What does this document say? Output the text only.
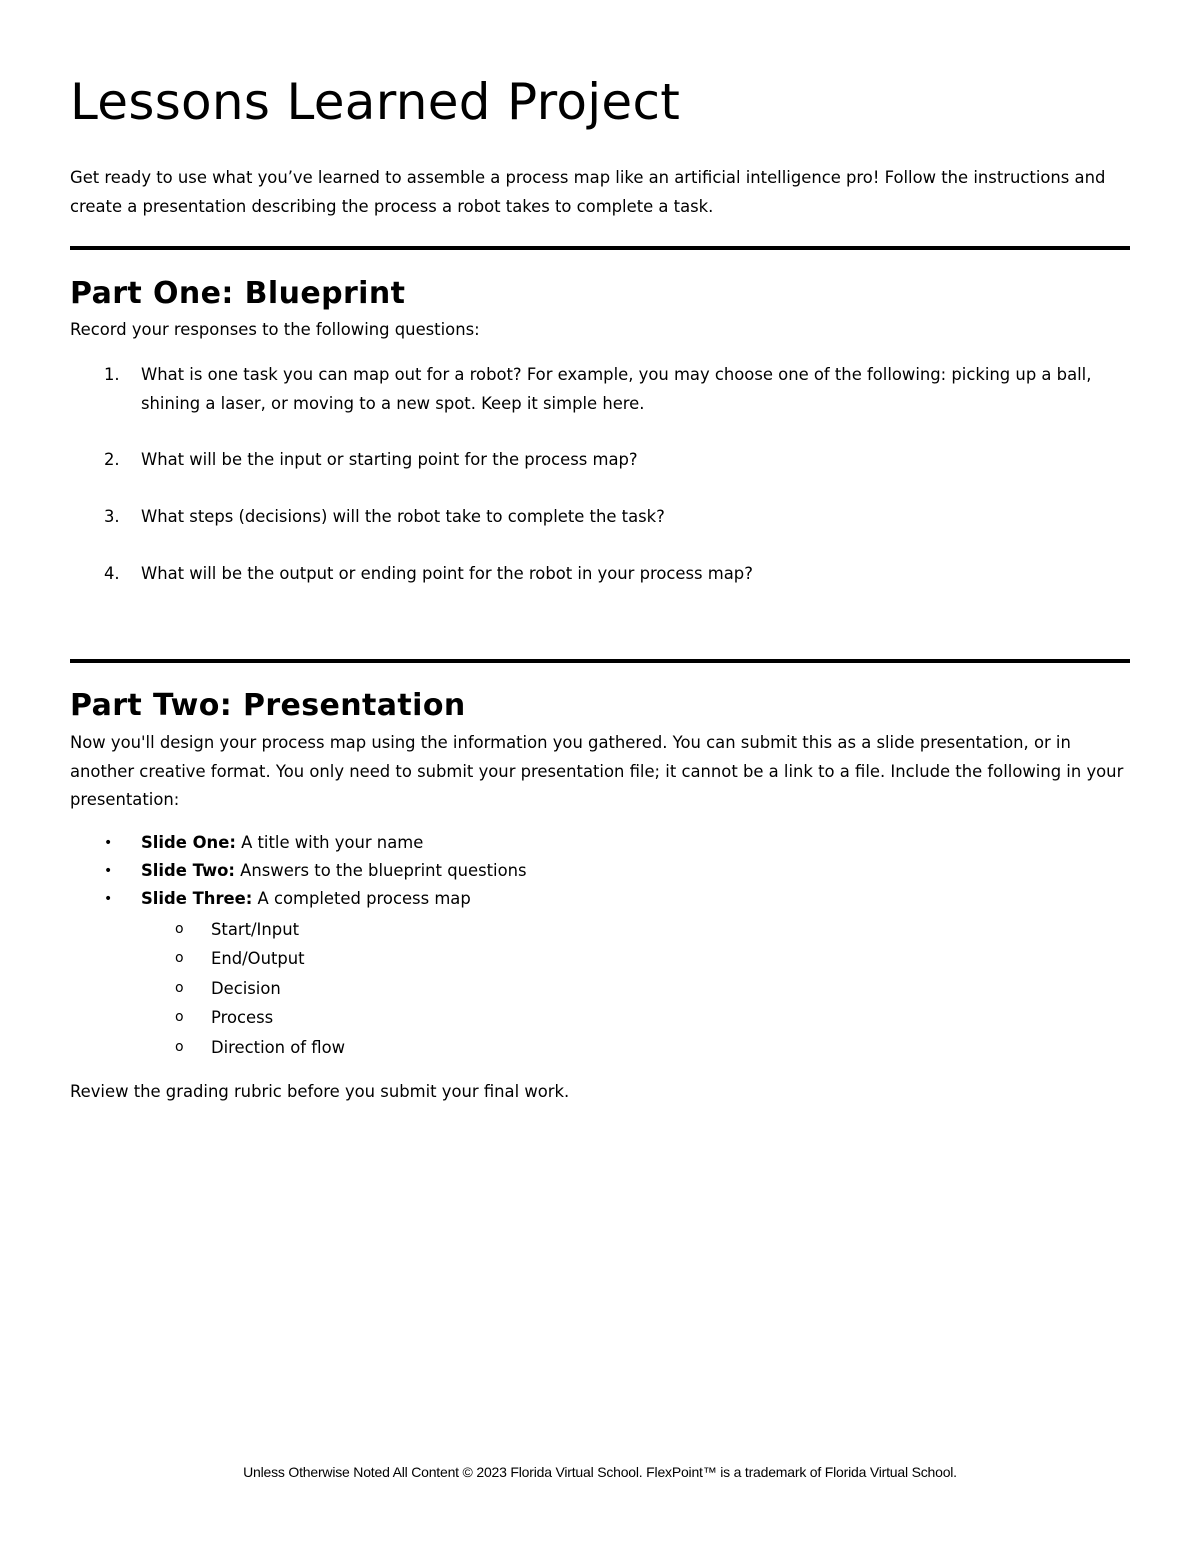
Lessons Learned Project

Get ready to use what you’ve learned to assemble a process map like an artificial intelligence pro! Follow the instructions and create a presentation describing the process a robot takes to complete a task.

Part One: Blueprint

Record your responses to the following questions:

1.	What is one task you can map out for a robot? For example, you may choose one of the following: picking up a ball, shining a laser, or moving to a new spot. Keep it simple here.
2.	What will be the input or starting point for the process map?
3.	What steps (decisions) will the robot take to complete the task?
4.	What will be the output or ending point for the robot in your process map?
Part Two: Presentation

Now you'll design your process map using the information you gathered. You can submit this as a slide presentation, or in another creative format. You only need to submit your presentation file; it cannot be a link to a file. Include the following in your presentation:

• Slide One: A title with your name
• Slide Two: Answers to the blueprint questions
• Slide Three: A completed process map
o Start/Input
o End/Output
o Decision
o Process
o Direction of flow

Review the grading rubric before you submit your final work.

Unless Otherwise Noted All Content © 2023 Florida Virtual School. FlexPoint™ is a trademark of Florida Virtual School.
